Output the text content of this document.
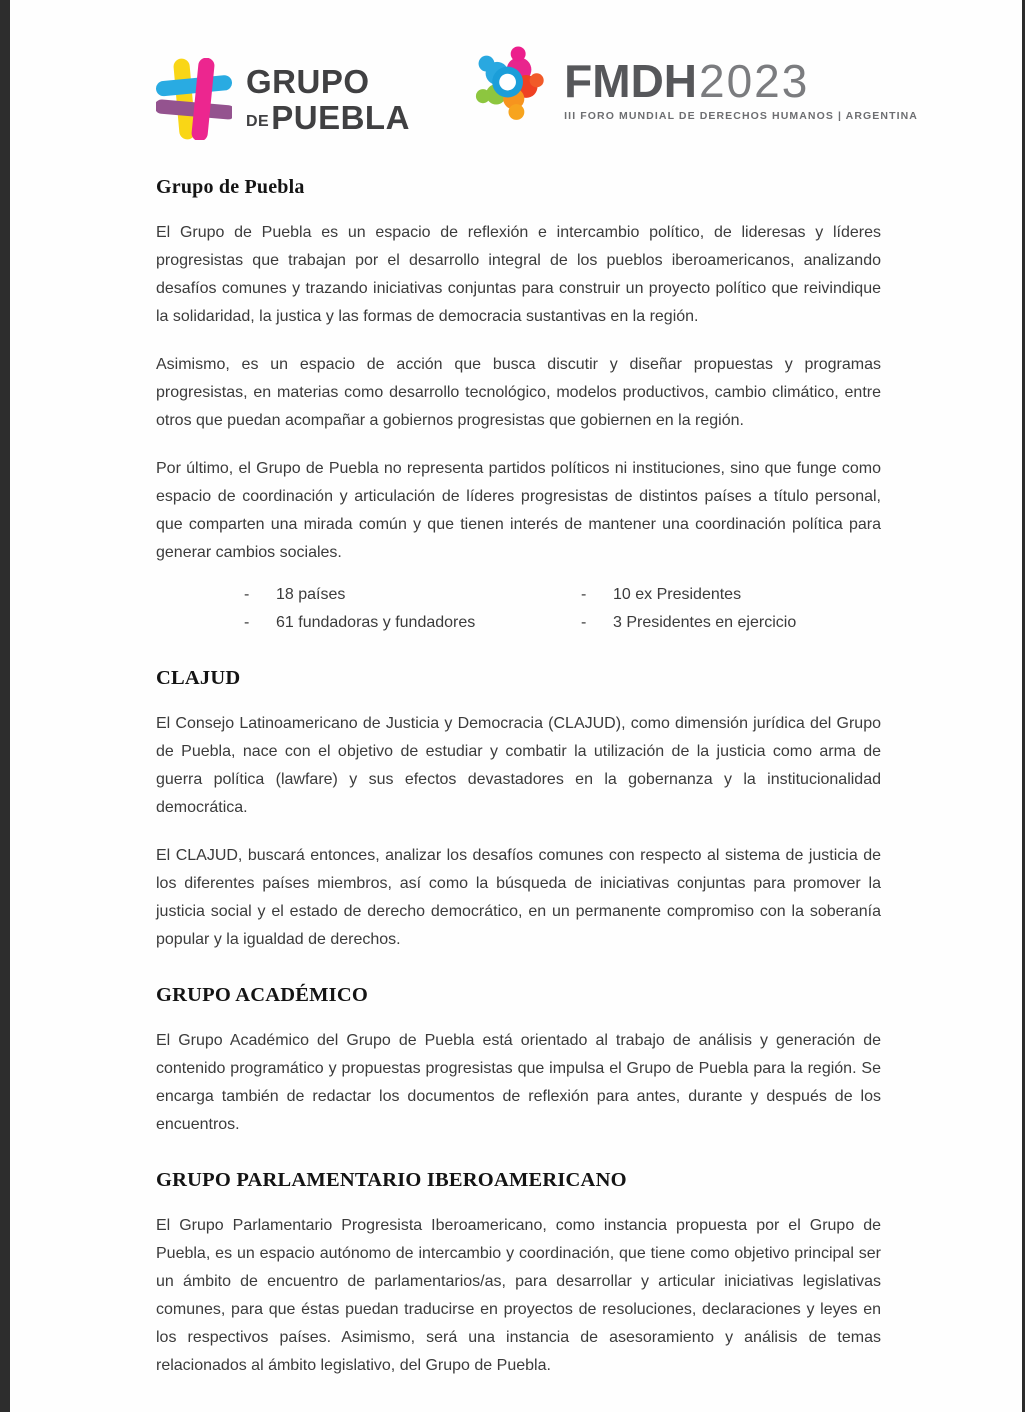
GRUPO
DEPUEBLA
FMDH 2023
III FORO MUNDIAL DE DERECHOS HUMANOS | ARGENTINA
Grupo de Puebla

El Grupo de Puebla es un espacio de reflexión e intercambio político, de lideresas y líderes progresistas que trabajan por el desarrollo integral de los pueblos iberoamericanos, analizando desafíos comunes y trazando iniciativas conjuntas para construir un proyecto político que reivindique la solidaridad, la justica y las formas de democracia sustantivas en la región.

Asimismo, es un espacio de acción que busca discutir y diseñar propuestas y programas progresistas, en materias como desarrollo tecnológico, modelos productivos, cambio climático, entre otros que puedan acompañar a gobiernos progresistas que gobiernen en la región.

Por último, el Grupo de Puebla no representa partidos políticos ni instituciones, sino que funge como espacio de coordinación y articulación de líderes progresistas de distintos países a título personal, que comparten una mirada común y que tienen interés de mantener una coordinación política para generar cambios sociales.

-	18 países
-	61 fundadoras y fundadores
-	10 ex Presidentes
-	3 Presidentes en ejercicio
CLAJUD

El Consejo Latinoamericano de Justicia y Democracia (CLAJUD), como dimensión jurídica del Grupo de Puebla, nace con el objetivo de estudiar y combatir la utilización de la justicia como arma de guerra política (lawfare) y sus efectos devastadores en la gobernanza y la institucionalidad democrática.

El CLAJUD, buscará entonces, analizar los desafíos comunes con respecto al sistema de justicia de los diferentes países miembros, así como la búsqueda de iniciativas conjuntas para promover la justicia social y el estado de derecho democrático, en un permanente compromiso con la soberanía popular y la igualdad de derechos.

GRUPO ACADÉMICO

El Grupo Académico del Grupo de Puebla está orientado al trabajo de análisis y generación de contenido programático y propuestas progresistas que impulsa el Grupo de Puebla para la región. Se encarga también de redactar los documentos de reflexión para antes, durante y después de los encuentros.

GRUPO PARLAMENTARIO IBEROAMERICANO

El Grupo Parlamentario Progresista Iberoamericano, como instancia propuesta por el Grupo de Puebla, es un espacio autónomo de intercambio y coordinación, que tiene como objetivo principal ser un ámbito de encuentro de parlamentarios/as, para desarrollar y articular iniciativas legislativas comunes, para que éstas puedan traducirse en proyectos de resoluciones, declaraciones y leyes en los respectivos países. Asimismo, será una instancia de asesoramiento y análisis de temas relacionados al ámbito legislativo, del Grupo de Puebla.
